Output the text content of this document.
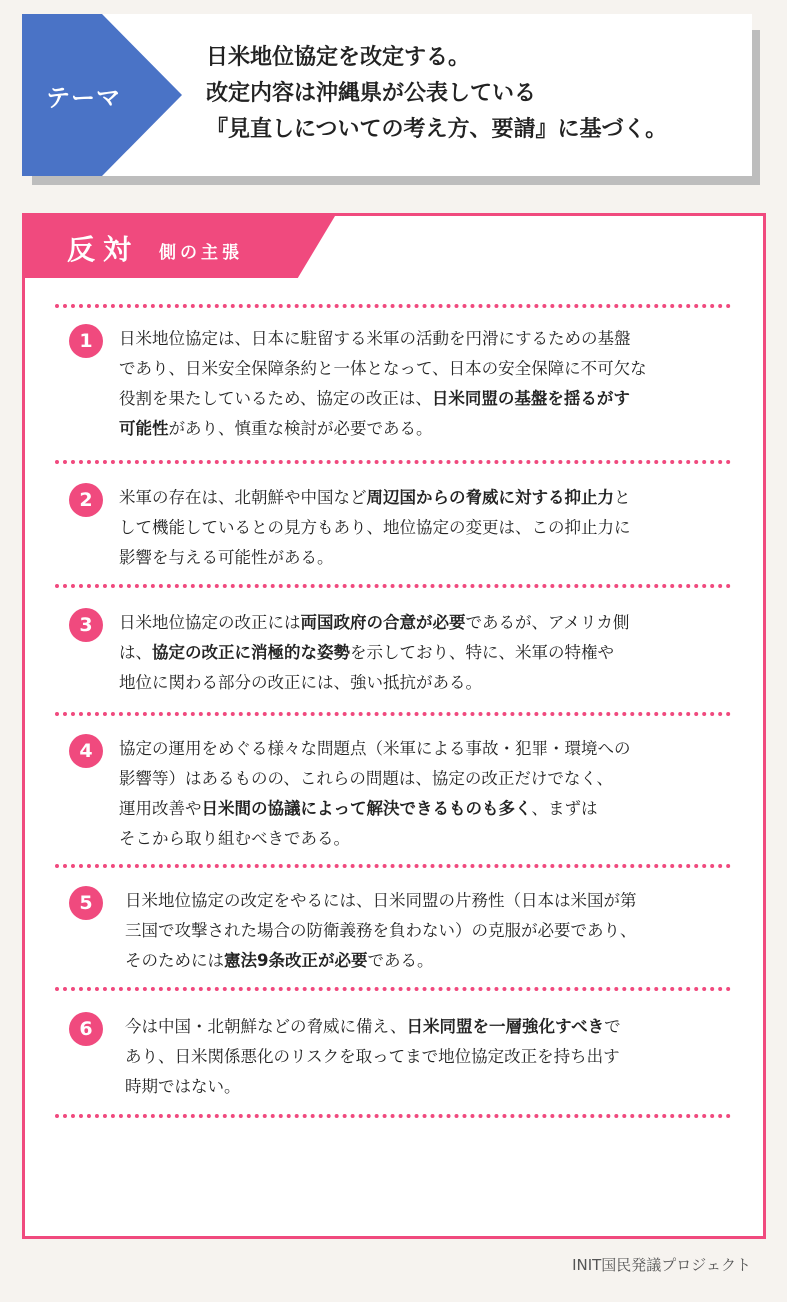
テーマ
日米地位協定を改定する。
改定内容は沖縄県が公表している
『見直しについての考え方、要請』に基づく。
反対 側の主張
1	日米地位協定は、日本に駐留する米軍の活動を円滑にするための基盤
であり、日米安全保障条約と一体となって、日本の安全保障に不可欠な
役割を果たしているため、協定の改正は、日米同盟の基盤を揺るがす
可能性があり、慎重な検討が必要である。
2	米軍の存在は、北朝鮮や中国など周辺国からの脅威に対する抑止力と
して機能しているとの見方もあり、地位協定の変更は、この抑止力に
影響を与える可能性がある。
3	日米地位協定の改正には両国政府の合意が必要であるが、アメリカ側
は、協定の改正に消極的な姿勢を示しており、特に、米軍の特権や
地位に関わる部分の改正には、強い抵抗がある。
4	協定の運用をめぐる様々な問題点（米軍による事故・犯罪・環境への
影響等）はあるものの、これらの問題は、協定の改正だけでなく、
運用改善や日米間の協議によって解決できるものも多く、まずは
そこから取り組むべきである。
5	日米地位協定の改定をやるには、日米同盟の片務性（日本は米国が第
三国で攻撃された場合の防衛義務を負わない）の克服が必要であり、
そのためには憲法9条改正が必要である。
6	今は中国・北朝鮮などの脅威に備え、日米同盟を一層強化すべきで
あり、日米関係悪化のリスクを取ってまで地位協定改正を持ち出す
時期ではない。
INIT国民発議プロジェクト
